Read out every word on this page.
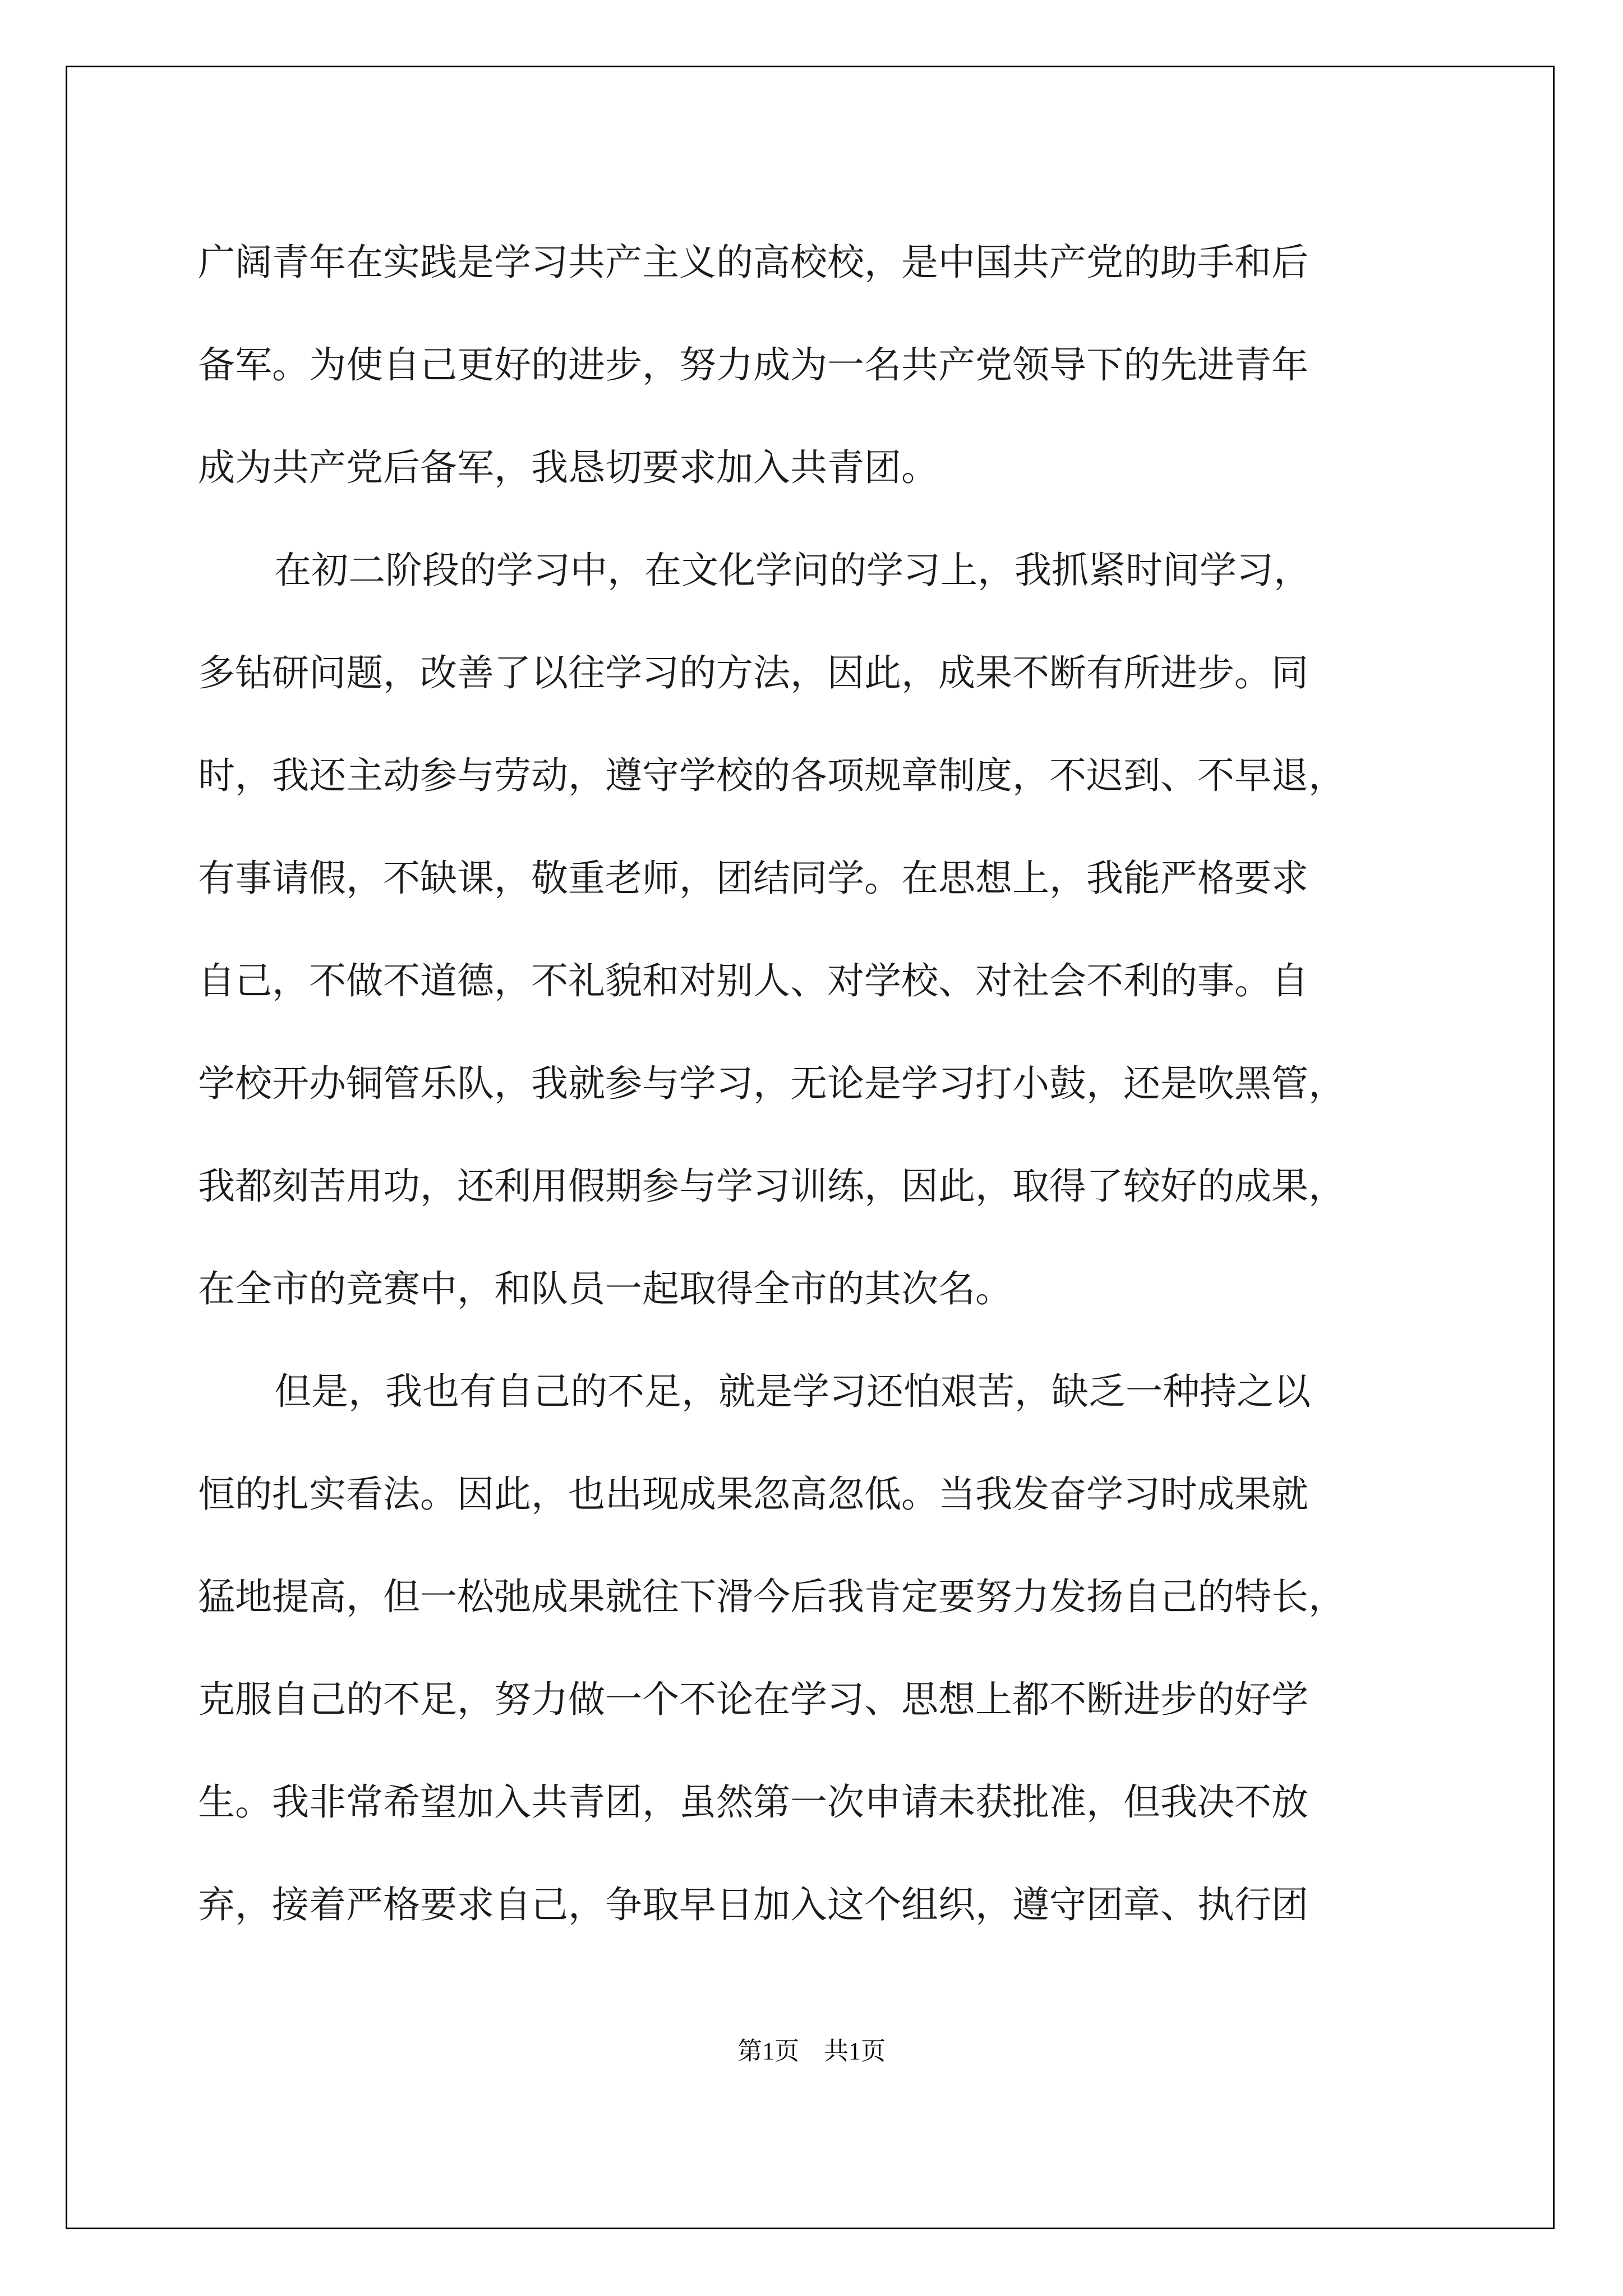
广阔青年在实践是学习共产主义的高校校，是中国共产党的助手和后
备军。为使自己更好的进步，努力成为一名共产党领导下的先进青年
成为共产党后备军，我恳切要求加入共青团。
在初二阶段的学习中，在文化学问的学习上，我抓紧时间学习，
多钻研问题，改善了以往学习的方法，因此，成果不断有所进步。同
时，我还主动参与劳动，遵守学校的各项规章制度，不迟到、不早退，
有事请假，不缺课，敬重老师，团结同学。在思想上，我能严格要求
自己，不做不道德，不礼貌和对别人、对学校、对社会不利的事。自
学校开办铜管乐队，我就参与学习，无论是学习打小鼓，还是吹黑管，
我都刻苦用功，还利用假期参与学习训练，因此，取得了较好的成果，
在全市的竞赛中，和队员一起取得全市的其次名。
但是，我也有自己的不足，就是学习还怕艰苦，缺乏一种持之以
恒的扎实看法。因此，也出现成果忽高忽低。当我发奋学习时成果就
猛地提高，但一松弛成果就往下滑今后我肯定要努力发扬自己的特长，
克服自己的不足，努力做一个不论在学习、思想上都不断进步的好学
生。我非常希望加入共青团，虽然第一次申请未获批准，但我决不放
弃，接着严格要求自己，争取早日加入这个组织，遵守团章、执行团
第1页 共1页
